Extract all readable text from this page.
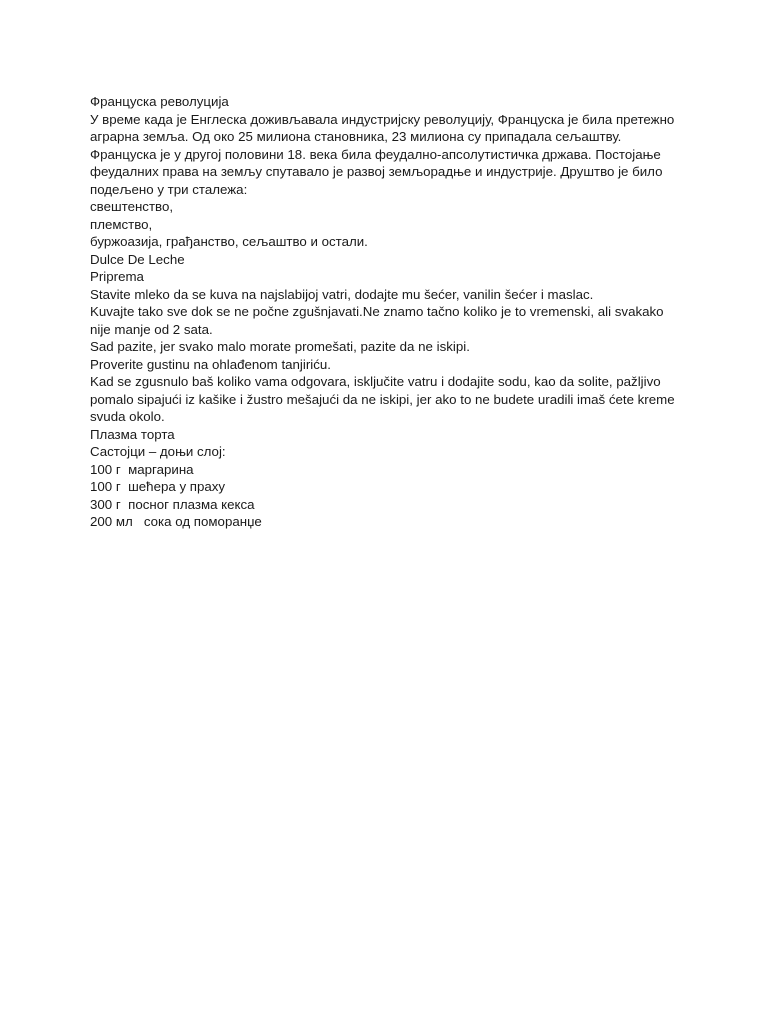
Француска револуција

У време када је Енглеска доживљавала индустријску револуцију, Француска је била претежно аграрна земља. Од око 25 милиона становника, 23 милиона су припадала сељаштву. Француска је у другој половини 18. века била феудално-апсолутистичка држава. Постојање феудалних права на земљу спутавало је развој земљорадње и индустрије. Друштво је било подељено у три сталежа:

свештенство,

племство,

буржоазија, грађанство, сељаштво и остали.

Dulce De Leche

Priprema

Stavite mleko da se kuva na najslabijoj vatri, dodajte mu šećer, vanilin šećer i maslac.

Kuvajte tako sve dok se ne počne zgušnjavati.Ne znamo tačno koliko je to vremenski, ali svakako nije manje od 2 sata.

Sad pazite, jer svako malo morate promešati, pazite da ne iskipi.

Proverite gustinu na ohlađenom tanjiriću.

Kad se zgusnulo baš koliko vama odgovara, isključite vatru i dodajite sodu, kao da solite, pažljivo pomalo sipajući iz kašike i žustro mešajući da ne iskipi, jer ako to ne budete uradili imaš ćete kreme svuda okolo.

Плазма торта

Састојци – доњи слој:

100 г  маргарина

100 г  шећера у праху

300 г  посног плазма кекса

200 мл   сока од поморанџе
